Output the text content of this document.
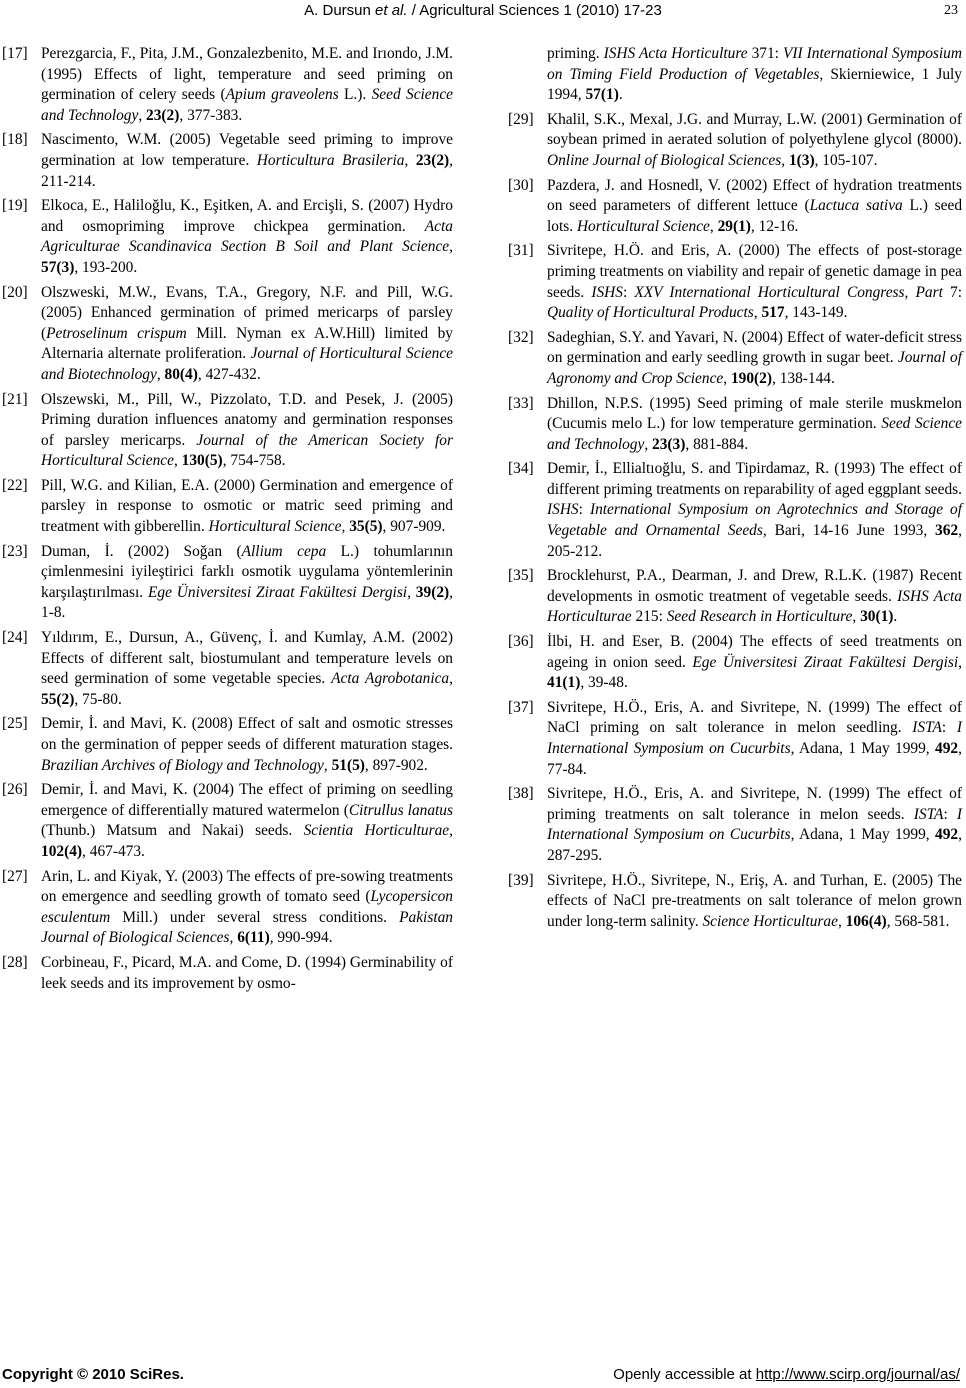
A. Dursun et al. / Agricultural Sciences 1 (2010) 17-23	23
[17] Perezgarcia, F., Pita, J.M., Gonzalezbenito, M.E. and Irıondo, J.M. (1995) Effects of light, temperature and seed priming on germination of celery seeds (Apium graveolens L.). Seed Science and Technology, 23(2), 377-383.
[18] Nascimento, W.M. (2005) Vegetable seed priming to improve germination at low temperature. Horticultura Brasileria, 23(2), 211-214.
[19] Elkoca, E., Haliloğlu, K., Eşitken, A. and Ercişli, S. (2007) Hydro and osmopriming improve chickpea germination. Acta Agriculturae Scandinavica Section B Soil and Plant Science, 57(3), 193-200.
[20] Olszweski, M.W., Evans, T.A., Gregory, N.F. and Pill, W.G. (2005) Enhanced germination of primed mericarps of parsley (Petroselinum crispum Mill. Nyman ex A.W.Hill) limited by Alternaria alternate proliferation. Journal of Horticultural Science and Biotechnology, 80(4), 427-432.
[21] Olszewski, M., Pill, W., Pizzolato, T.D. and Pesek, J. (2005) Priming duration influences anatomy and germination responses of parsley mericarps. Journal of the American Society for Horticultural Science, 130(5), 754-758.
[22] Pill, W.G. and Kilian, E.A. (2000) Germination and emergence of parsley in response to osmotic or matric seed priming and treatment with gibberellin. Horticultural Science, 35(5), 907-909.
[23] Duman, İ. (2002) Soğan (Allium cepa L.) tohumlarının çimlenmesini iyileştirici farklı osmotik uygulama yöntemlerinin karşılaştırılması. Ege Üniversitesi Ziraat Fakültesi Dergisi, 39(2), 1-8.
[24] Yıldırım, E., Dursun, A., Güvenç, İ. and Kumlay, A.M. (2002) Effects of different salt, biostumulant and temperature levels on seed germination of some vegetable species. Acta Agrobotanica, 55(2), 75-80.
[25] Demir, İ. and Mavi, K. (2008) Effect of salt and osmotic stresses on the germination of pepper seeds of different maturation stages. Brazilian Archives of Biology and Technology, 51(5), 897-902.
[26] Demir, İ. and Mavi, K. (2004) The effect of priming on seedling emergence of differentially matured watermelon (Citrullus lanatus (Thunb.) Matsum and Nakai) seeds. Scientia Horticulturae, 102(4), 467-473.
[27] Arin, L. and Kiyak, Y. (2003) The effects of pre-sowing treatments on emergence and seedling growth of tomato seed (Lycopersicon esculentum Mill.) under several stress conditions. Pakistan Journal of Biological Sciences, 6(11), 990-994.
[28] Corbineau, F., Picard, M.A. and Come, D. (1994) Germinability of leek seeds and its improvement by osmo-
priming. ISHS Acta Horticulture 371: VII International Symposium on Timing Field Production of Vegetables, Skierniewice, 1 July 1994, 57(1).
[29] Khalil, S.K., Mexal, J.G. and Murray, L.W. (2001) Germination of soybean primed in aerated solution of polyethylene glycol (8000). Online Journal of Biological Sciences, 1(3), 105-107.
[30] Pazdera, J. and Hosnedl, V. (2002) Effect of hydration treatments on seed parameters of different lettuce (Lactuca sativa L.) seed lots. Horticultural Science, 29(1), 12-16.
[31] Sivritepe, H.Ö. and Eris, A. (2000) The effects of post-storage priming treatments on viability and repair of genetic damage in pea seeds. ISHS: XXV International Horticultural Congress, Part 7: Quality of Horticultural Products, 517, 143-149.
[32] Sadeghian, S.Y. and Yavari, N. (2004) Effect of water-deficit stress on germination and early seedling growth in sugar beet. Journal of Agronomy and Crop Science, 190(2), 138-144.
[33] Dhillon, N.P.S. (1995) Seed priming of male sterile muskmelon (Cucumis melo L.) for low temperature germination. Seed Science and Technology, 23(3), 881-884.
[34] Demir, İ., Ellialtıoğlu, S. and Tipirdamaz, R. (1993) The effect of different priming treatments on reparability of aged eggplant seeds. ISHS: International Symposium on Agrotechnics and Storage of Vegetable and Ornamental Seeds, Bari, 14-16 June 1993, 362, 205-212.
[35] Brocklehurst, P.A., Dearman, J. and Drew, R.L.K. (1987) Recent developments in osmotic treatment of vegetable seeds. ISHS Acta Horticulturae 215: Seed Research in Horticulture, 30(1).
[36] İlbi, H. and Eser, B. (2004) The effects of seed treatments on ageing in onion seed. Ege Üniversitesi Ziraat Fakültesi Dergisi, 41(1), 39-48.
[37] Sivritepe, H.Ö., Eris, A. and Sivritepe, N. (1999) The effect of NaCl priming on salt tolerance in melon seedling. ISTA: I International Symposium on Cucurbits, Adana, 1 May 1999, 492, 77-84.
[38] Sivritepe, H.Ö., Eris, A. and Sivritepe, N. (1999) The effect of priming treatments on salt tolerance in melon seeds. ISTA: I International Symposium on Cucurbits, Adana, 1 May 1999, 492, 287-295.
[39] Sivritepe, H.Ö., Sivritepe, N., Eriş, A. and Turhan, E. (2005) The effects of NaCl pre-treatments on salt tolerance of melon grown under long-term salinity. Science Horticulturae, 106(4), 568-581.
Copyright © 2010 SciRes.	Openly accessible at http://www.scirp.org/journal/as/
